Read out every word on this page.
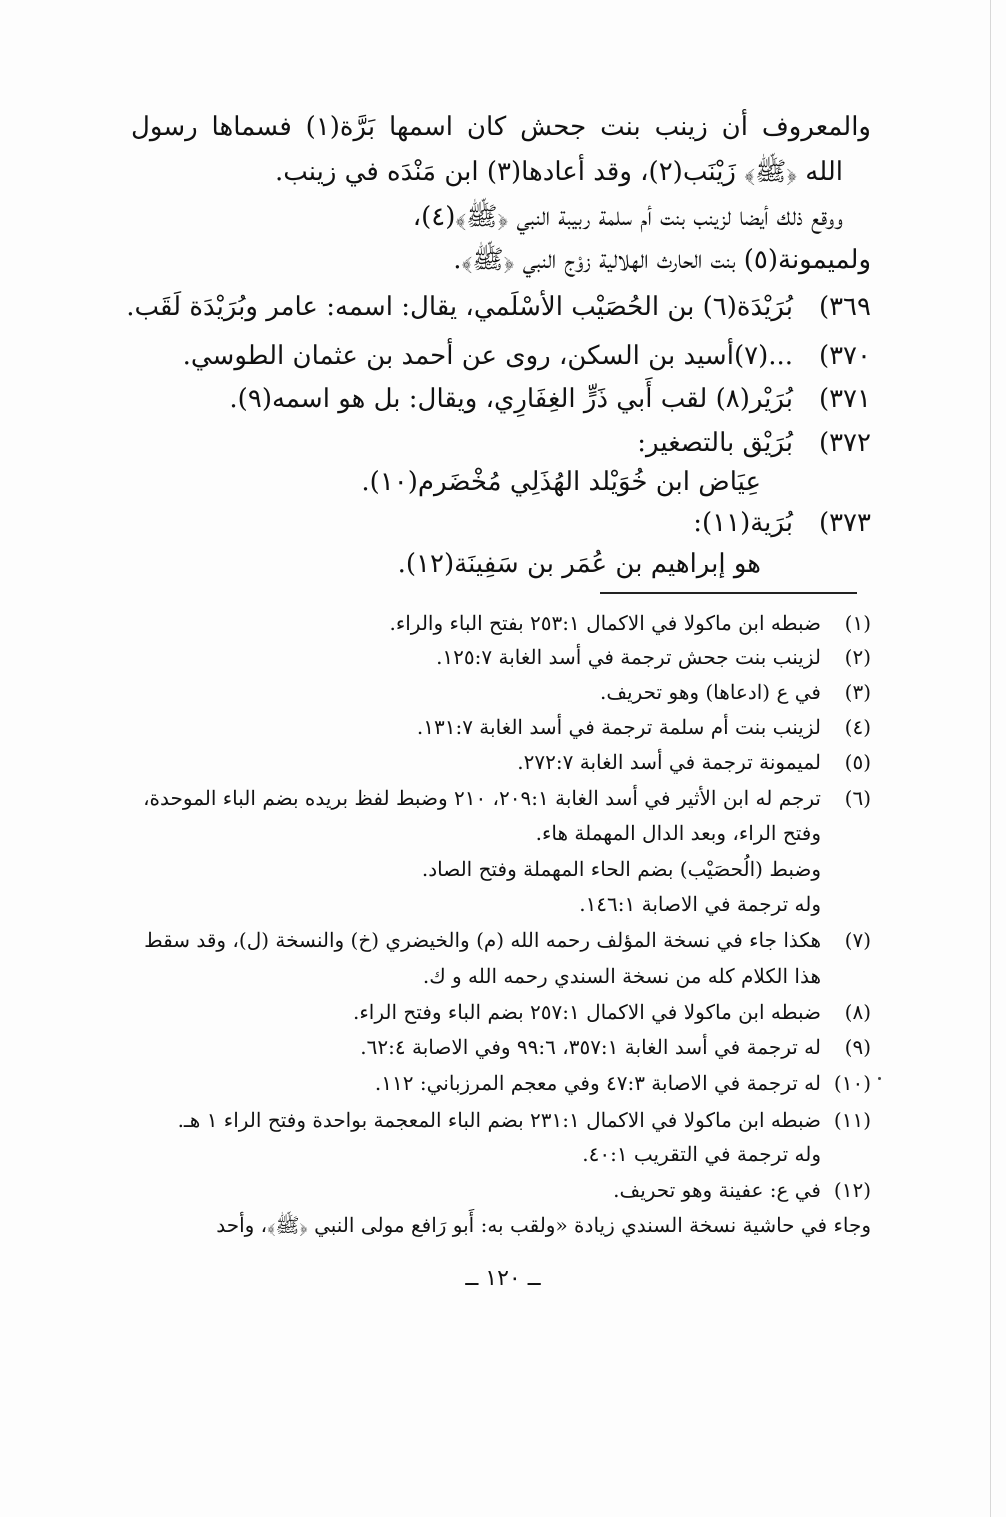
والمعروف أن زينب بنت جحش كان اسمها بَرَّة(١) فسماها رسول
الله ﴿ﷺ﴾ زَيْنَب(٢)، وقد أعادها(٣) ابن مَنْدَه في زينب.
ووقع ذلك أيضا لزينب بنت أم سلمة ربيبة النبي ﴿ﷺ﴾(٤)،
ولميمونة(٥) بنت الحارث الهلالية زوْج النبي ﴿ﷺ﴾.
٣٦٩)بُرَيْدَة(٦) بن الحُصَيْب الأسْلَمي، يقال: اسمه: عامر وبُرَيْدَة لَقَب.
٣٧٠)...(٧)أسيد بن السكن، روى عن أحمد بن عثمان الطوسي.
٣٧١)بُرَيْر(٨) لقب أَبي ذَرٍّ الغِفَارِي، ويقال: بل هو اسمه(٩).
٣٧٢)بُرَيْق بالتصغير:
عِيَاض ابن خُوَيْلد الهُذَلِي مُخْضَرم(١٠).
٣٧٣)بُرَية(١١):
هو إبراهيم بن عُمَر بن سَفِينَة(١٢).
(١)ضبطه ابن ماكولا في الاكمال ٢٥٣:١ بفتح الباء والراء.
(٢)لزينب بنت جحش ترجمة في أسد الغابة ١٢٥:٧.
(٣)في ع (ادعاها) وهو تحريف.
(٤)لزينب بنت أم سلمة ترجمة في أسد الغابة ١٣١:٧.
(٥)لميمونة ترجمة في أسد الغابة ٢٧٢:٧.
(٦)ترجم له ابن الأثير في أسد الغابة ٢٠٩:١، ٢١٠ وضبط لفظ بريده بضم الباء الموحدة،
وفتح الراء، وبعد الدال المهملة هاء.
وضبط (الُحصَيْب) بضم الحاء المهملة وفتح الصاد.
وله ترجمة في الاصابة ١٤٦:١.
(٧)هكذا جاء في نسخة المؤلف رحمه الله (م) والخيضري (خ) والنسخة (ل)، وقد سقط
هذا الكلام كله من نسخة السندي رحمه الله و ك.
(٨)ضبطه ابن ماكولا في الاكمال ٢٥٧:١ بضم الباء وفتح الراء.
(٩)له ترجمة في أسد الغابة ٣٥٧:١، ٩٩:٦ وفي الاصابة ٦٢:٤.
(١٠)له ترجمة في الاصابة ٤٧:٣ وفي معجم المرزباني: ١١٢.
(١١)ضبطه ابن ماكولا في الاكمال ٢٣١:١ بضم الباء المعجمة بواحدة وفتح الراء ١ هـ.
وله ترجمة في التقريب ٤٠:١.
(١٢)في ع: عفينة وهو تحريف.
وجاء في حاشية نسخة السندي زيادة «ولقب به: أَبو رَافع مولى النبي ﴿ﷺ﴾، وأحد
ــ ١٢٠ ــ
